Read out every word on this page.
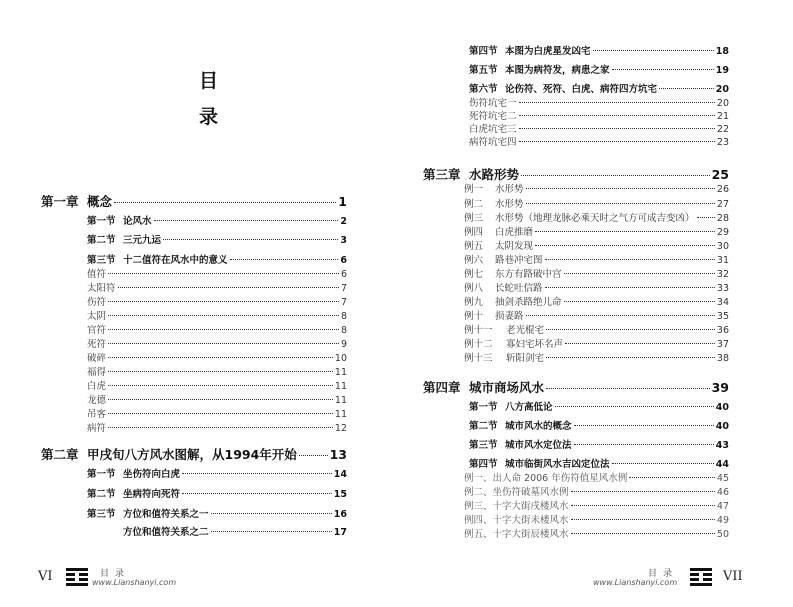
目
录
第一章 概念	1
第一节 论风水	2
第二节 三元九运	3
第三节 十二值符在风水中的意义	6
值符	6
太阳符	7
伤符	7
太阴	8
官符	8
死符	9
破碎	10
福得	11
白虎	11
龙德	11
吊客	11
病符	12
第二章 甲戌旬八方风水图解，从1994年开始	13
第一节 坐伤符向白虎	14
第二节 坐病符向死符	15
第三节 方位和值符关系之一	16
方位和值符关系之二	17
VI	目录
www.Lianshanyi.com
第四节 本图为白虎星发凶宅	18
第五节 本图为病符发，病患之家	19
第六节 论伤符、死符、白虎、病符四方坑宅	20
伤符坑宅一	20
死符坑宅二	21
白虎坑宅三	22
病符坑宅四	23
第三章 水路形势	25
例一	水形势	26
例二	水形势	27
例三	水形势（地理龙脉必乘天时之气方可成吉变凶） 28
例四	白虎推磨	29
例五	太阴发现	30
例六	路巷冲宅图	31
例七	东方有路破中宫	32
例八	长蛇吐信路	33
例九	抽剑杀路绝儿命	34
例十	损妻路	35
例十一	老光棍宅	36
例十二	寡妇宅坏名声	37
例十三	斩阳剑宅	38
第四章 城市商场风水	39
第一节 八方高低论	40
第二节 城市风水的概念	40
第三节 城市风水定位法	43
第四节 城市临街风水吉凶定位法	44
例一、出人命 2006 年伤符值星风水例	45
例二、坐伤符破墓风水例	46
例三、十字大街戌楼风水	47
例四、十字大街未楼风水	49
例五、十字大街辰楼风水	50
目录
www.Lianshanyi.com	VII
